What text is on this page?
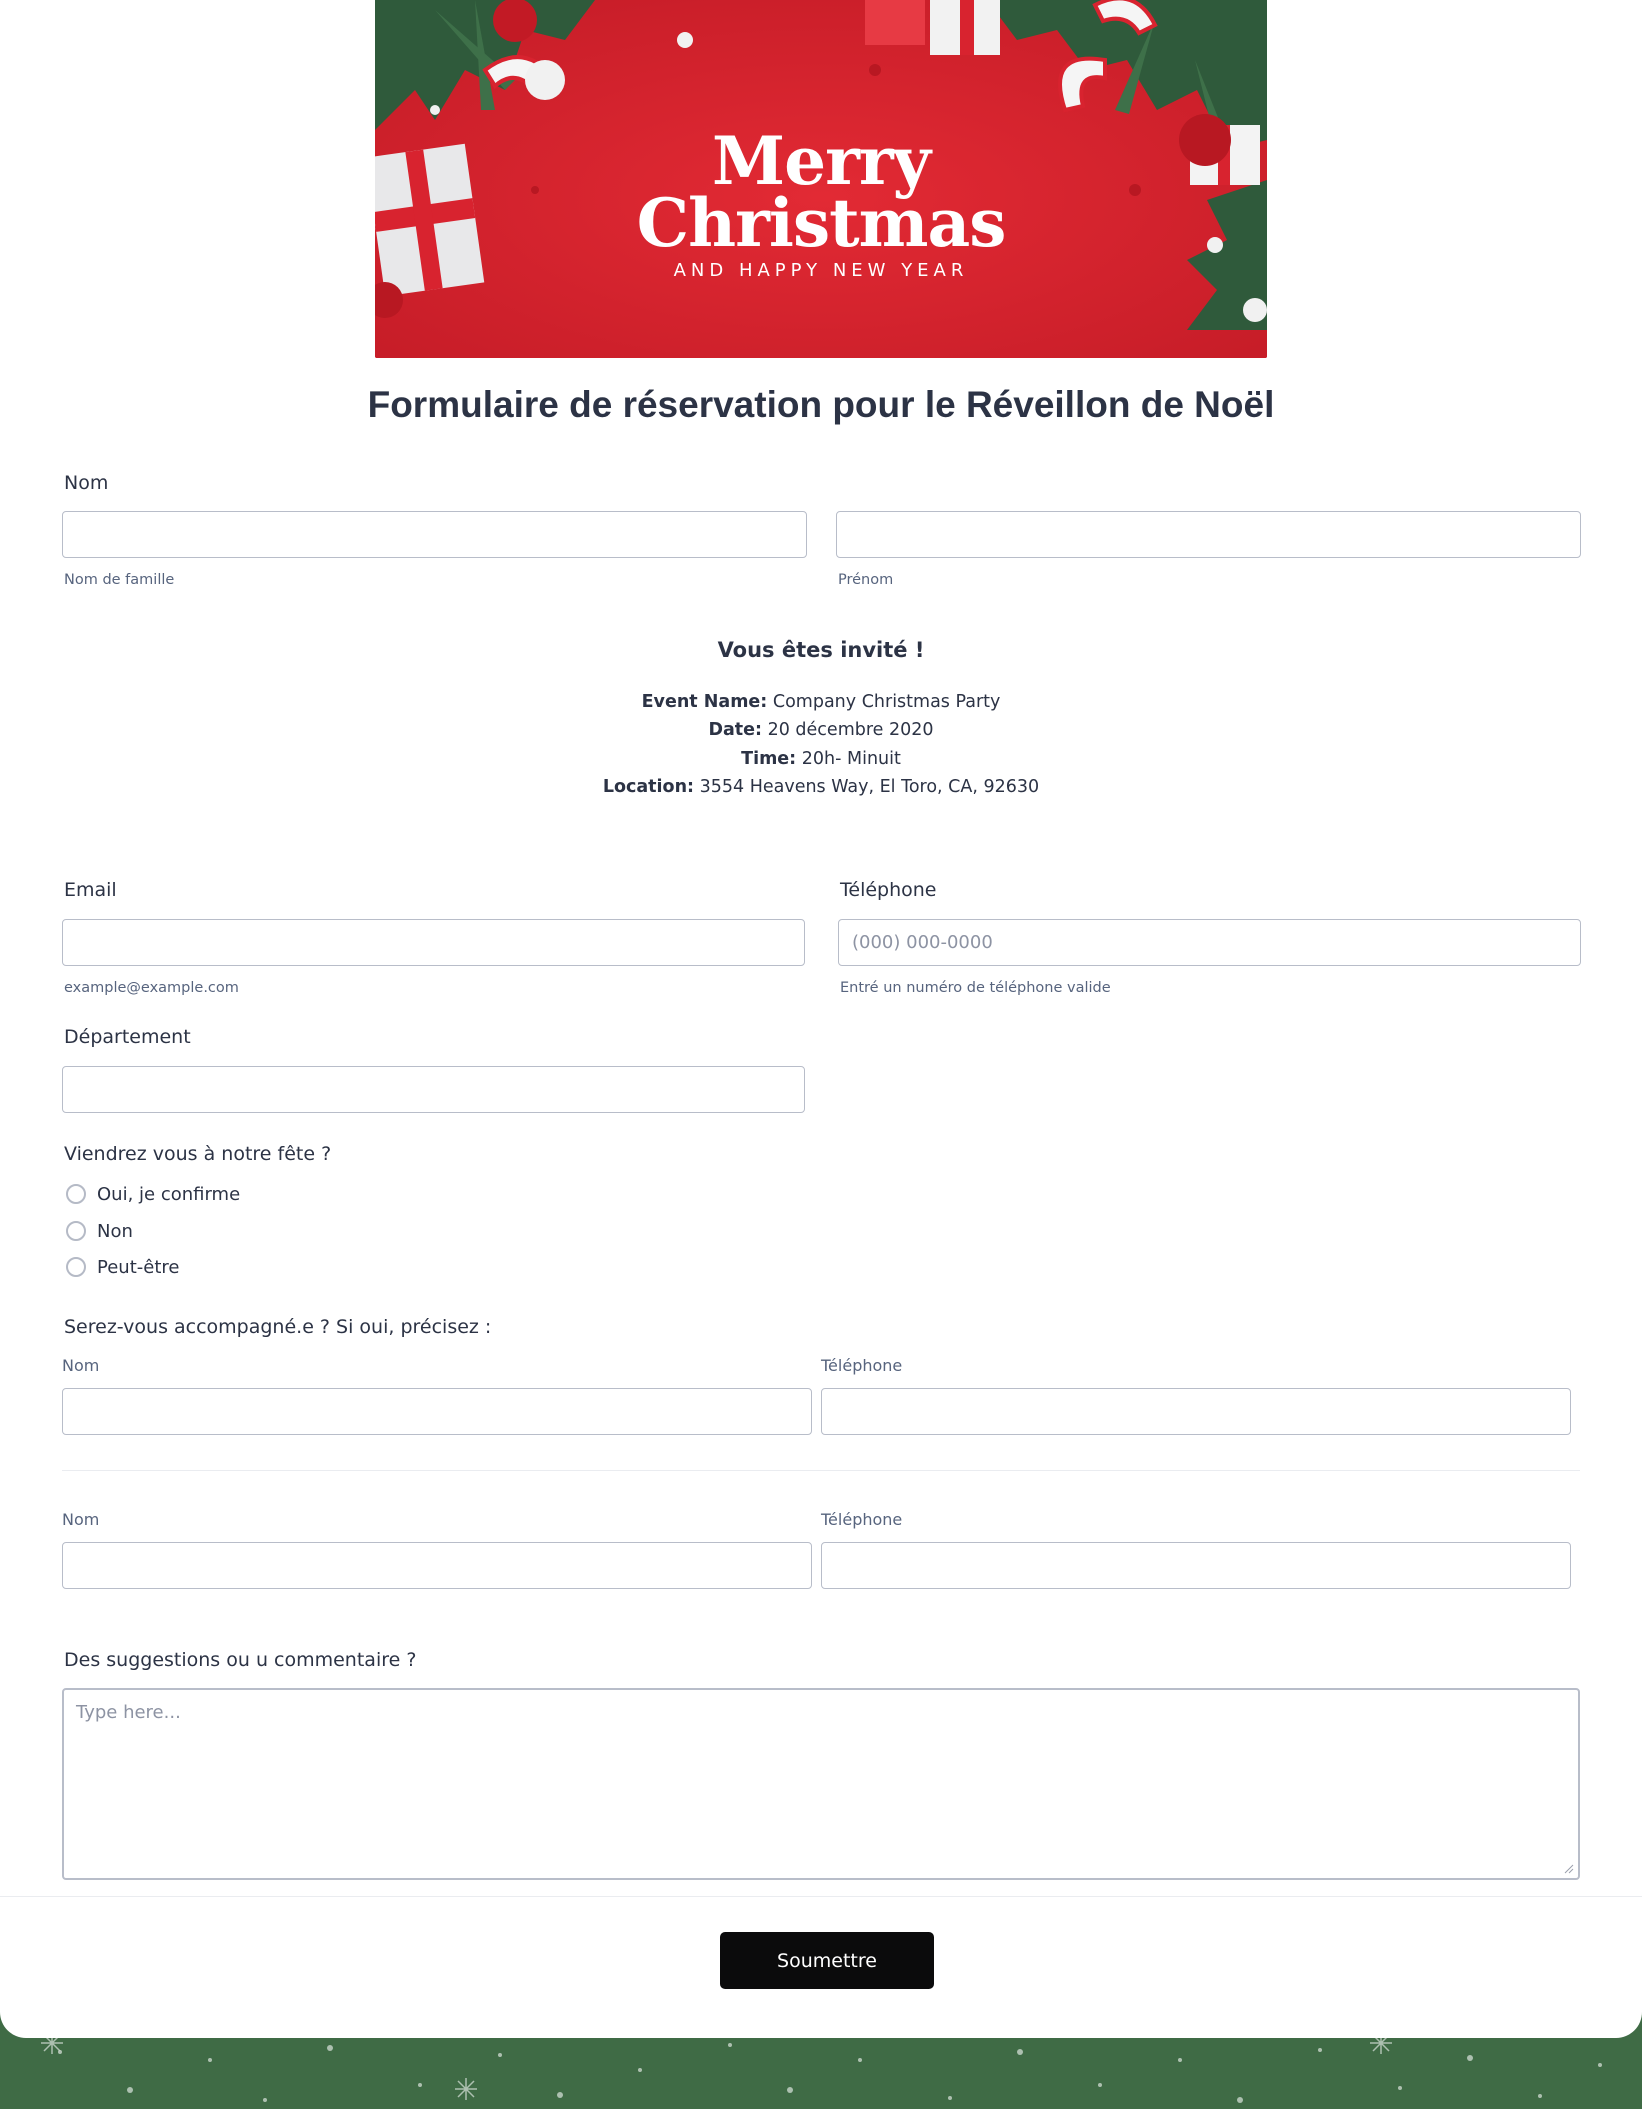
Merry
Christmas
AND HAPPY NEW YEAR
Formulaire de réservation pour le Réveillon de Noël
Nom
Nom de famille	Prénom
Vous êtes invité !
Event Name: Company Christmas Party
Date: 20 décembre 2020
Time: 20h- Minuit
Location: 3554 Heavens Way, El Toro, CA, 92630
Email
example@example.com
Téléphone
(000) 000-0000
Entré un numéro de téléphone valide
Département
Viendrez vous à notre fête ?
Oui, je confirme
Non
Peut-être
Serez-vous accompagné.e ? Si oui, précisez :
Nom	Téléphone
Nom	Téléphone
Des suggestions ou u commentaire ?
Type here...
Soumettre
